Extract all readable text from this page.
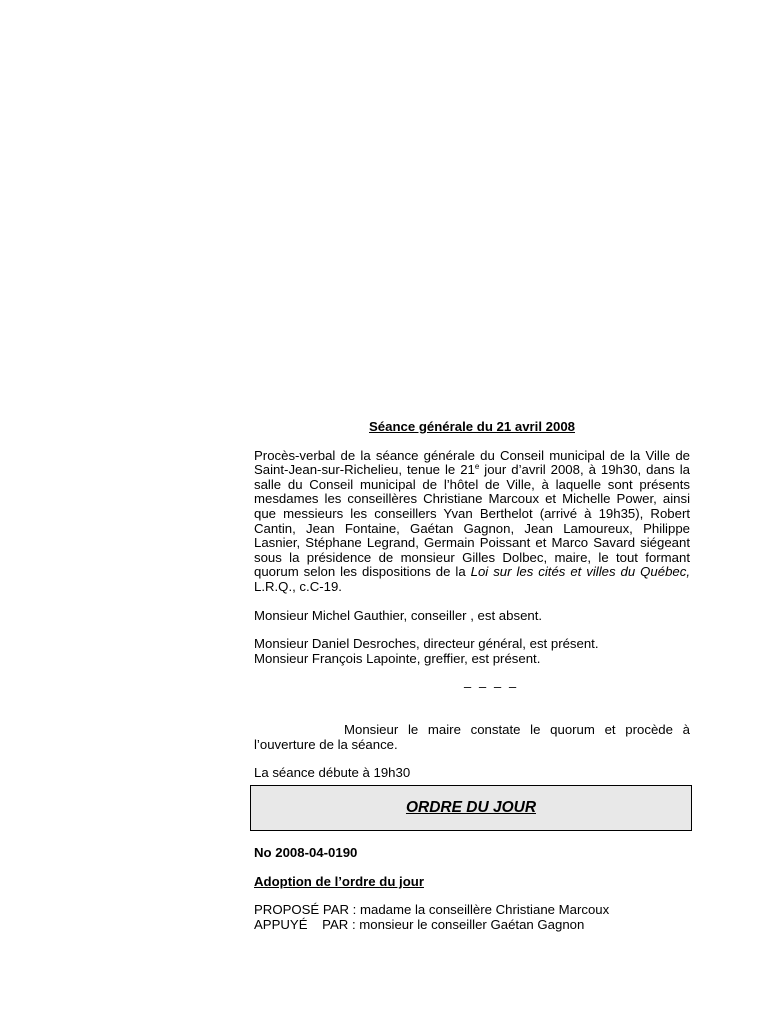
Séance générale du 21 avril 2008
Procès-verbal de la séance générale du Conseil municipal de la Ville de Saint-Jean-sur-Richelieu, tenue le 21e jour d’avril 2008, à 19h30, dans la salle du Conseil municipal de l’hôtel de Ville, à laquelle sont présents mesdames les conseillères Christiane Marcoux et Michelle Power, ainsi que messieurs les conseillers Yvan Berthelot (arrivé à 19h35), Robert Cantin, Jean Fontaine, Gaétan Gagnon, Jean Lamoureux, Philippe Lasnier, Stéphane Legrand, Germain Poissant et Marco Savard siégeant sous la présidence de monsieur Gilles Dolbec, maire, le tout formant quorum selon les dispositions de la Loi sur les cités et villes du Québec, L.R.Q., c.C-19.
Monsieur Michel Gauthier, conseiller , est absent.
Monsieur Daniel Desroches, directeur général, est présent.
Monsieur François Lapointe, greffier, est présent.
– – – –
Monsieur le maire constate le quorum et procède à l’ouverture de la séance.
La séance débute à 19h30
ORDRE DU JOUR
No 2008-04-0190
Adoption de l’ordre du jour
PROPOSÉ PAR : madame la conseillère Christiane Marcoux
APPUYÉ    PAR : monsieur le conseiller Gaétan Gagnon
